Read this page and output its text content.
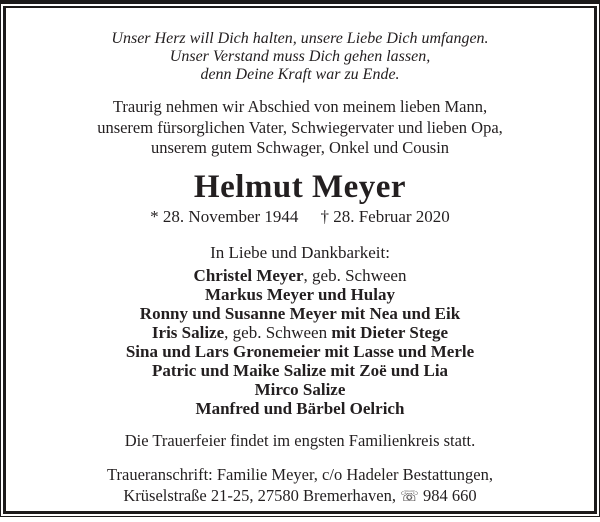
Unser Herz will Dich halten, unsere Liebe Dich umfangen.
Unser Verstand muss Dich gehen lassen,
denn Deine Kraft war zu Ende.
Traurig nehmen wir Abschied von meinem lieben Mann,
unserem fürsorglichen Vater, Schwiegervater und lieben Opa,
unserem gutem Schwager, Onkel und Cousin
Helmut Meyer
* 28. November 1944 † 28. Februar 2020
In Liebe und Dankbarkeit:
Christel Meyer, geb. Schween
Markus Meyer und Hulay
Ronny und Susanne Meyer mit Nea und Eik
Iris Salize, geb. Schween mit Dieter Stege
Sina und Lars Gronemeier mit Lasse und Merle
Patric und Maike Salize mit Zoë und Lia
Mirco Salize
Manfred und Bärbel Oelrich
Die Trauerfeier findet im engsten Familienkreis statt.
Traueranschrift: Familie Meyer, c/o Hadeler Bestattungen,
Krüselstraße 21-25, 27580 Bremerhaven, ☏ 984 660
